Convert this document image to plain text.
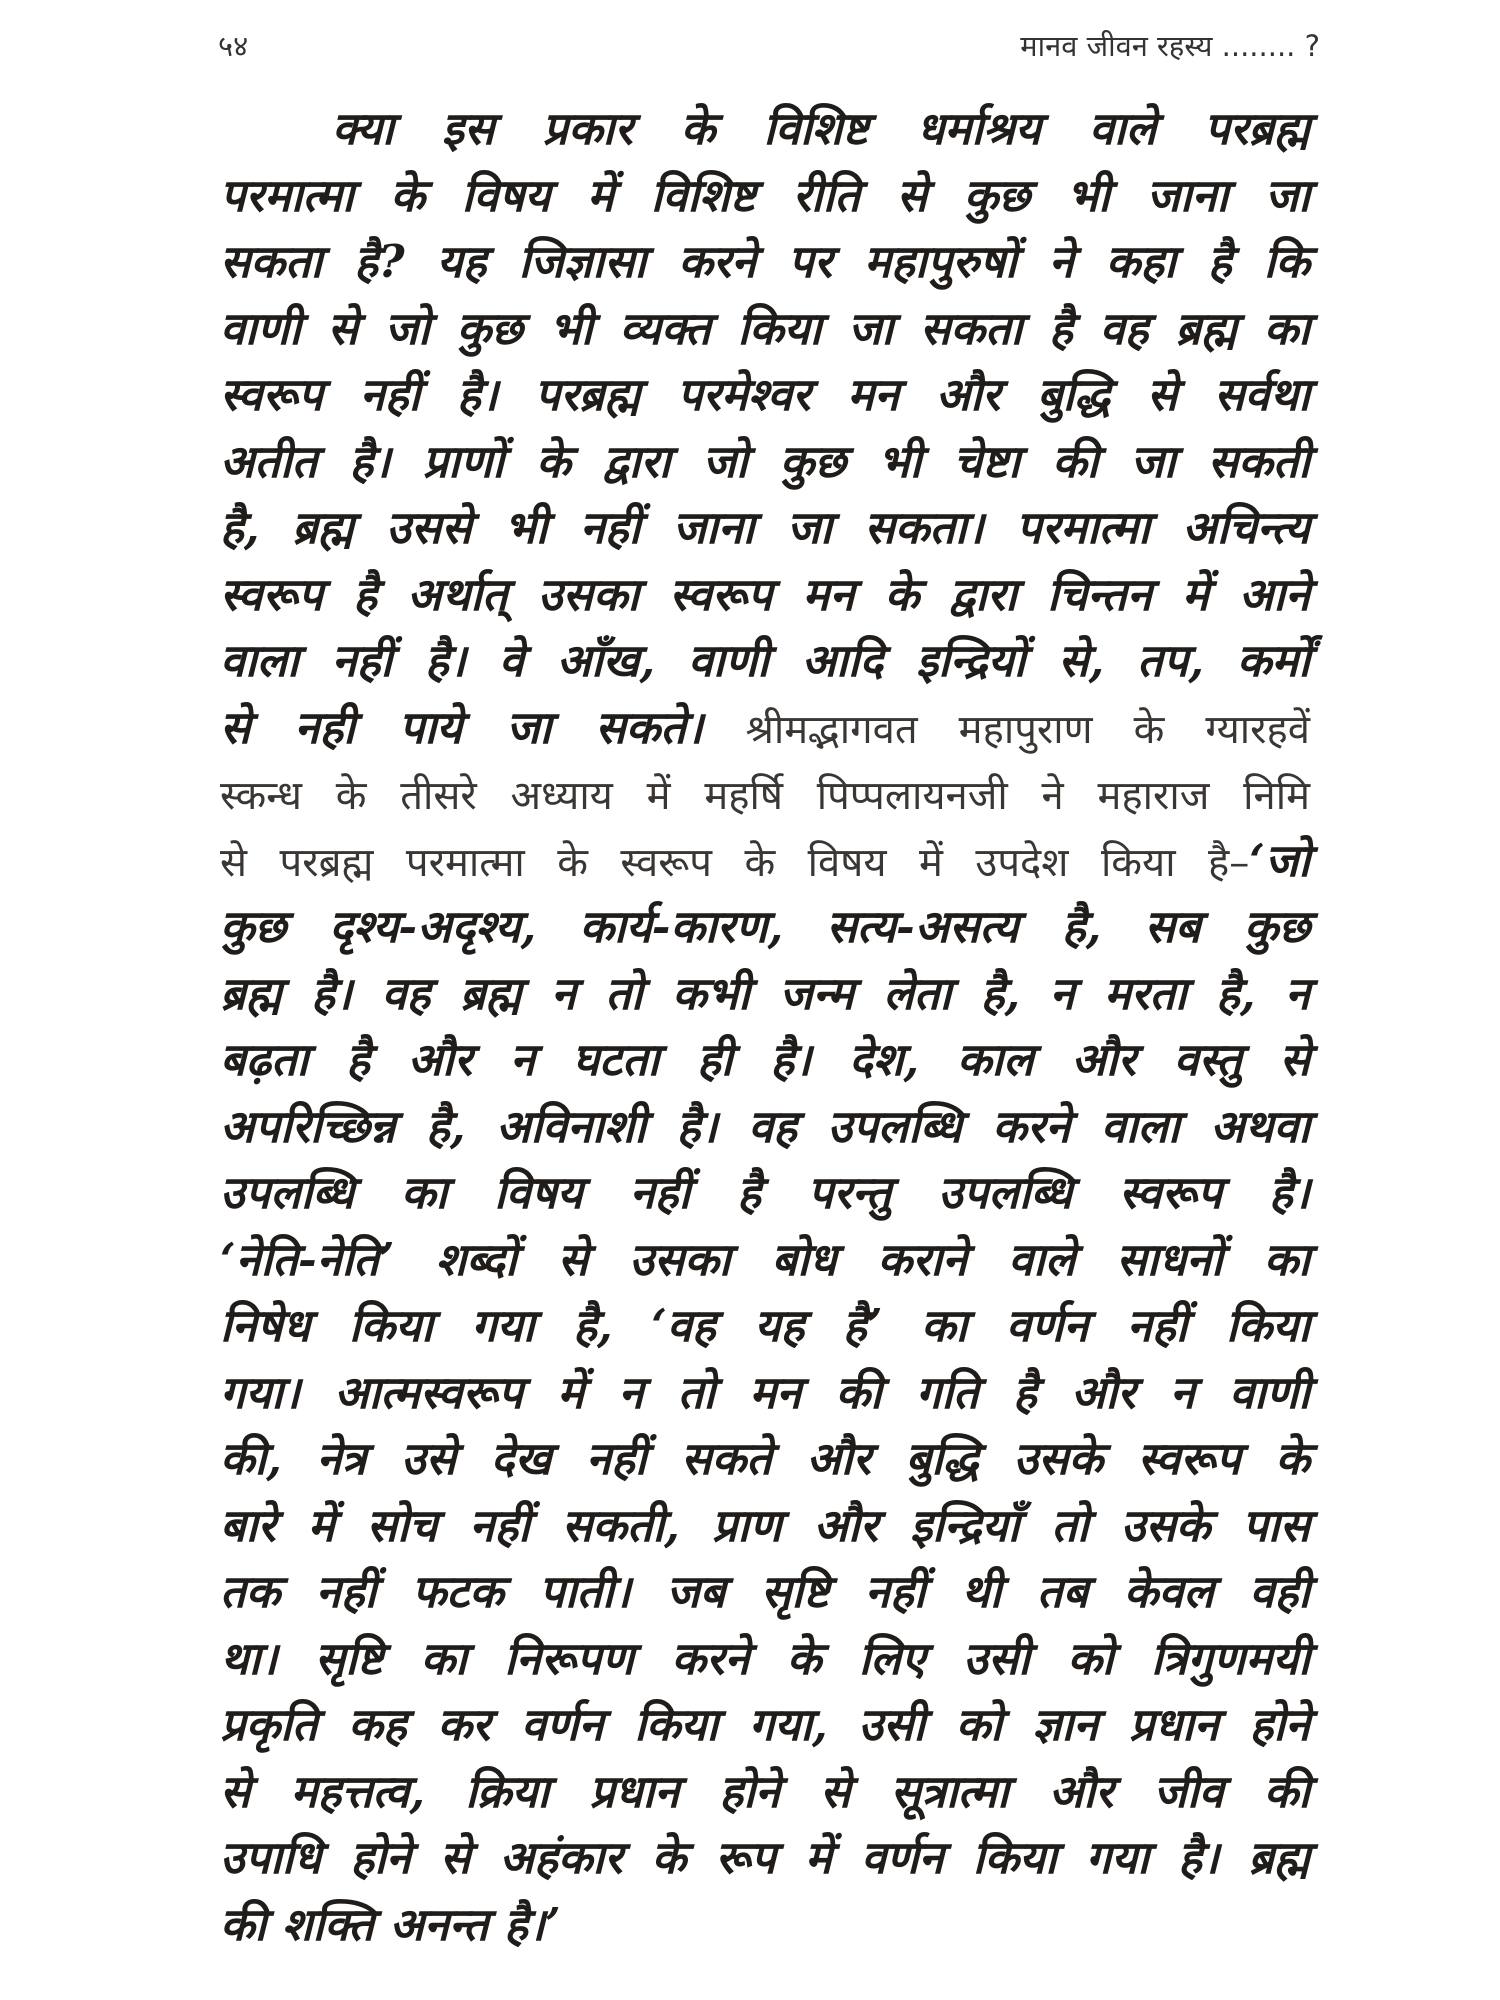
५४	मानव जीवन रहस्य ........ ?
क्या इस प्रकार के विशिष्ट धर्माश्रय वाले परब्रह्म
परमात्मा के विषय में विशिष्ट रीति से कुछ भी जाना जा
सकता है? यह जिज्ञासा करने पर महापुरुषों ने कहा है कि
वाणी से जो कुछ भी व्यक्त किया जा सकता है वह ब्रह्म का
स्वरूप नहीं है। परब्रह्म परमेश्वर मन और बुद्धि से सर्वथा
अतीत है। प्राणों के द्वारा जो कुछ भी चेष्टा की जा सकती
है, ब्रह्म उससे भी नहीं जाना जा सकता। परमात्मा अचिन्त्य
स्वरूप है अर्थात् उसका स्वरूप मन के द्वारा चिन्तन में आने
वाला नहीं है। वे आँख, वाणी आदि इन्द्रियों से, तप, कर्मों
से नही पाये जा सकते। श्रीमद्भागवत महापुराण के ग्यारहवें
स्कन्ध के तीसरे अध्याय में महर्षि पिप्पलायनजी ने महाराज निमि
से परब्रह्म परमात्मा के स्वरूप के विषय में उपदेश किया है–‘जो
कुछ दृश्य-अदृश्य, कार्य-कारण, सत्य-असत्य है, सब कुछ
ब्रह्म है। वह ब्रह्म न तो कभी जन्म लेता है, न मरता है, न
बढ़ता है और न घटता ही है। देश, काल और वस्तु से
अपरिच्छिन्न है, अविनाशी है। वह उपलब्धि करने वाला अथवा
उपलब्धि का विषय नहीं है परन्तु उपलब्धि स्वरूप है।
‘नेति-नेति’ शब्दों से उसका बोध कराने वाले साधनों का
निषेध किया गया है, ‘वह यह है’ का वर्णन नहीं किया
गया। आत्मस्वरूप में न तो मन की गति है और न वाणी
की, नेत्र उसे देख नहीं सकते और बुद्धि उसके स्वरूप के
बारे में सोच नहीं सकती, प्राण और इन्द्रियाँ तो उसके पास
तक नहीं फटक पाती। जब सृष्टि नहीं थी तब केवल वही
था। सृष्टि का निरूपण करने के लिए उसी को त्रिगुणमयी
प्रकृति कह कर वर्णन किया गया, उसी को ज्ञान प्रधान होने
से महत्तत्व, क्रिया प्रधान होने से सूत्रात्मा और जीव की
उपाधि होने से अहंकार के रूप में वर्णन किया गया है। ब्रह्म
की शक्ति अनन्त है।’
